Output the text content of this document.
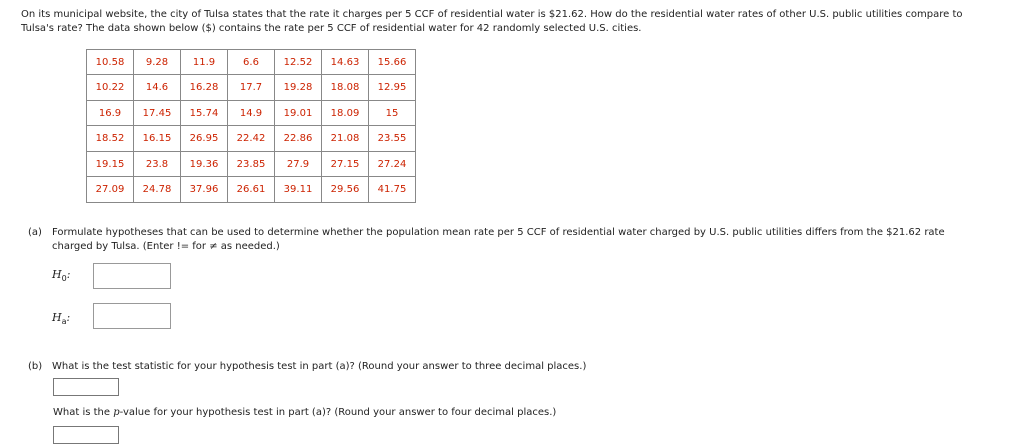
On its municipal website, the city of Tulsa states that the rate it charges per 5 CCF of residential water is $21.62. How do the residential water rates of other U.S. public utilities compare to
Tulsa's rate? The data shown below ($) contains the rate per 5 CCF of residential water for 42 randomly selected U.S. cities.
10.58	9.28	11.9	6.6	12.52	14.63	15.66
10.22	14.6	16.28	17.7	19.28	18.08	12.95
16.9	17.45	15.74	14.9	19.01	18.09	15
18.52	16.15	26.95	22.42	22.86	21.08	23.55
19.15	23.8	19.36	23.85	27.9	27.15	27.24
27.09	24.78	37.96	26.61	39.11	29.56	41.75
(a) Formulate hypotheses that can be used to determine whether the population mean rate per 5 CCF of residential water charged by U.S. public utilities differs from the $21.62 rate
charged by Tulsa. (Enter != for ≠ as needed.)
$H_0$:
$H_a$:
(b) What is the test statistic for your hypothesis test in part (a)? (Round your answer to three decimal places.)
What is the p-value for your hypothesis test in part (a)? (Round your answer to four decimal places.)
